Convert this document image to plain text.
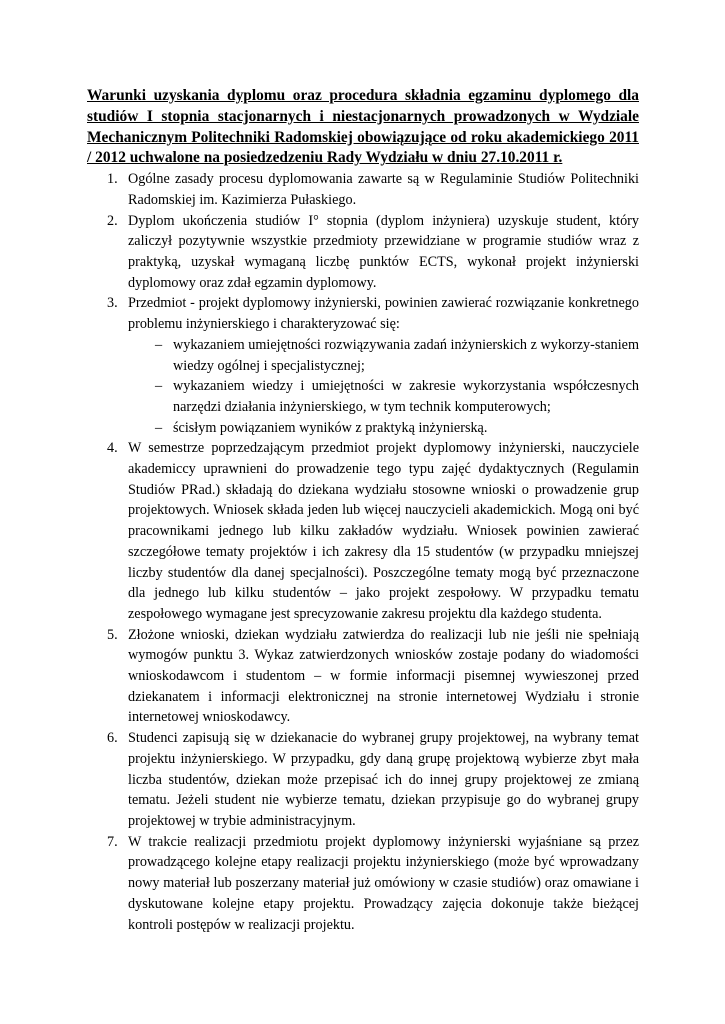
Warunki uzyskania dyplomu oraz procedura składnia egzaminu dyplomego dla studiów I stopnia stacjonarnych i niestacjonarnych prowadzonych w Wydziale Mechanicznym Politechniki Radomskiej obowiązujące od roku akademickiego 2011 / 2012 uchwalone na posiedzedzeniu Rady Wydziału w dniu 27.10.2011 r.

1. Ogólne zasady procesu dyplomowania zawarte są w Regulaminie Studiów Politechniki Radomskiej im. Kazimierza Pułaskiego.
2. Dyplom ukończenia studiów I° stopnia (dyplom inżyniera) uzyskuje student, który zaliczył pozytywnie wszystkie przedmioty przewidziane w programie studiów wraz z praktyką, uzyskał wymaganą liczbę punktów ECTS, wykonał projekt inżynierski dyplomowy oraz zdał egzamin dyplomowy.
3. Przedmiot - projekt dyplomowy inżynierski, powinien zawierać rozwiązanie konkretnego problemu inżynierskiego i charakteryzować się:
– wykazaniem umiejętności rozwiązywania zadań inżynierskich z wykorzy-staniem wiedzy ogólnej i specjalistycznej;
– wykazaniem wiedzy i umiejętności w zakresie wykorzystania współczesnych narzędzi działania inżynierskiego, w tym technik komputerowych;
– ścisłym powiązaniem wyników z praktyką inżynierską.
4. W semestrze poprzedzającym przedmiot projekt dyplomowy inżynierski, nauczyciele akademiccy uprawnieni do prowadzenie tego typu zajęć dydaktycznych (Regulamin Studiów PRad.) składają do dziekana wydziału stosowne wnioski o prowadzenie grup projektowych. Wniosek składa jeden lub więcej nauczycieli akademickich. Mogą oni być pracownikami jednego lub kilku zakładów wydziału. Wniosek powinien zawierać szczegółowe tematy projektów i ich zakresy dla 15 studentów (w przypadku mniejszej liczby studentów dla danej specjalności). Poszczególne tematy mogą być przeznaczone dla jednego lub kilku studentów – jako projekt zespołowy. W przypadku tematu zespołowego wymagane jest sprecyzowanie zakresu projektu dla każdego studenta.
5. Złożone wnioski, dziekan wydziału zatwierdza do realizacji lub nie jeśli nie spełniają wymogów punktu 3. Wykaz zatwierdzonych wniosków zostaje podany do wiadomości wnioskodawcom i studentom – w formie informacji pisemnej wywieszonej przed dziekanatem i informacji elektronicznej na stronie internetowej Wydziału i stronie internetowej wnioskodawcy.
6. Studenci zapisują się w dziekanacie do wybranej grupy projektowej, na wybrany temat projektu inżynierskiego. W przypadku, gdy daną grupę projektową wybierze zbyt mała liczba studentów, dziekan może przepisać ich do innej grupy projektowej ze zmianą tematu. Jeżeli student nie wybierze tematu, dziekan przypisuje go do wybranej grupy projektowej w trybie administracyjnym.
7. W trakcie realizacji przedmiotu projekt dyplomowy inżynierski wyjaśniane są przez prowadzącego kolejne etapy realizacji projektu inżynierskiego (może być wprowadzany nowy materiał lub poszerzany materiał już omówiony w czasie studiów) oraz omawiane i dyskutowane kolejne etapy projektu. Prowadzący zajęcia dokonuje także bieżącej kontroli postępów w realizacji projektu.
